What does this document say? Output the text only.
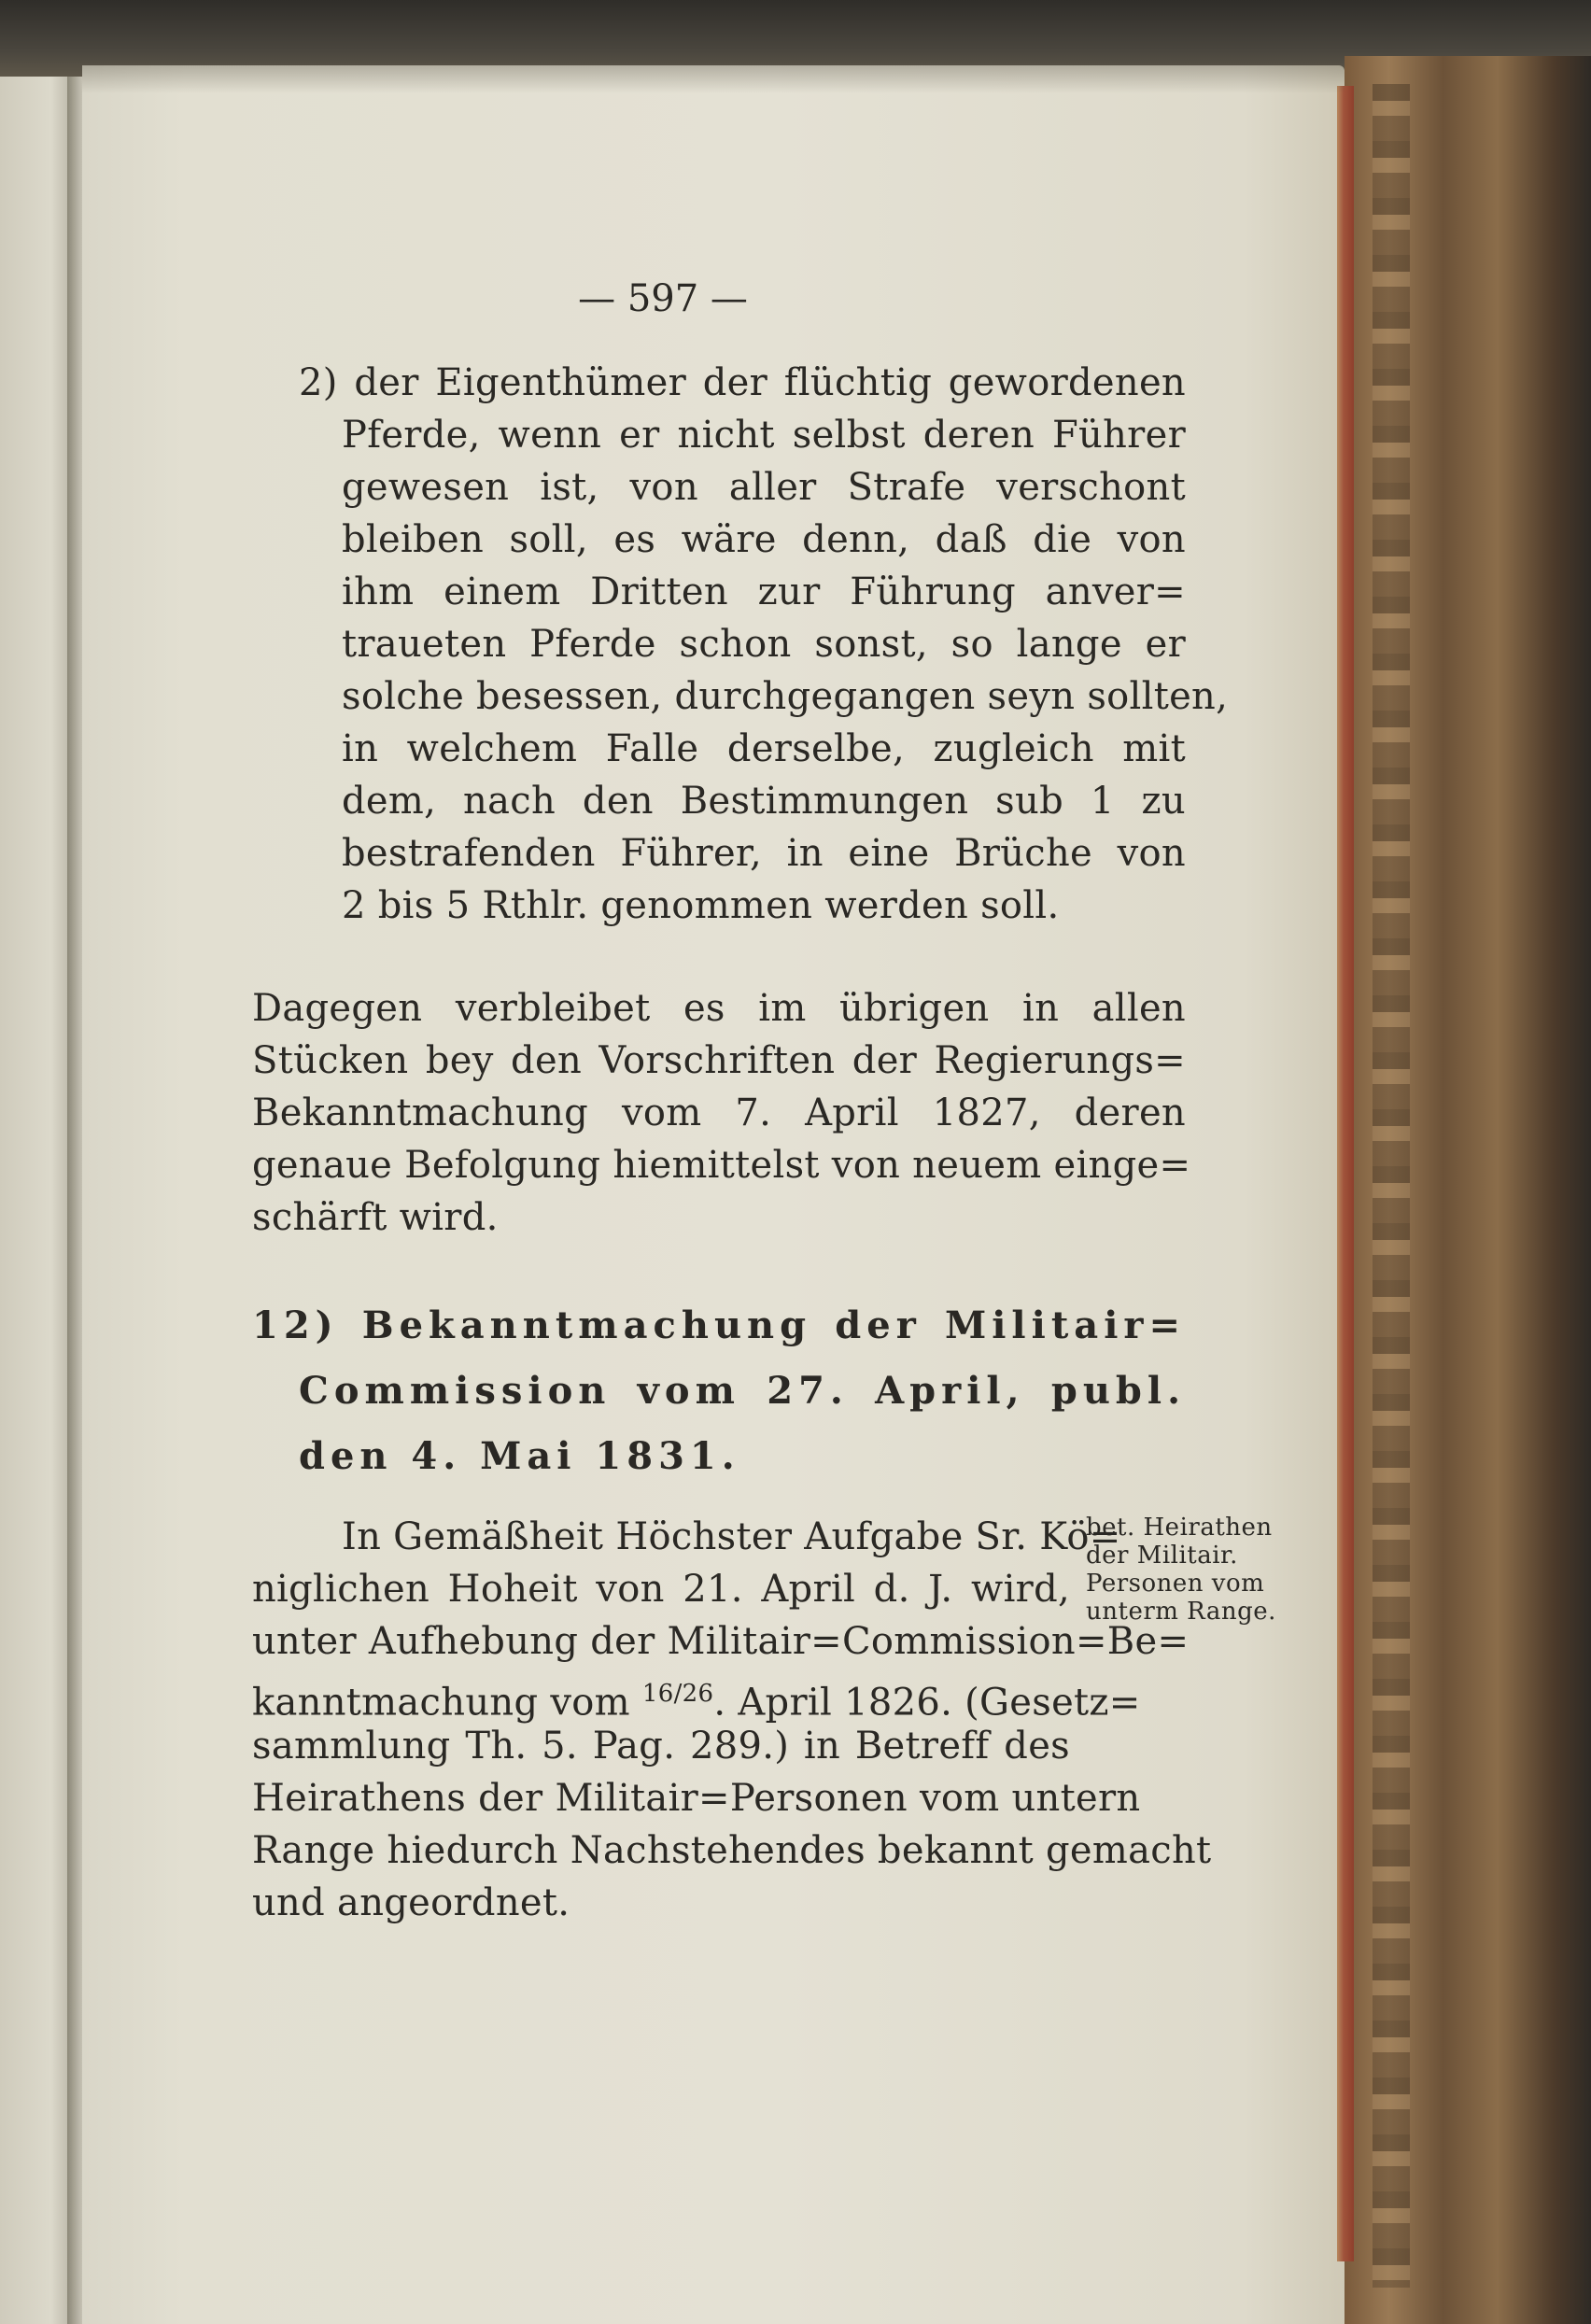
— 597 —
2) der Eigenthümer der flüchtig gewordenen
Pferde, wenn er nicht selbst deren Führer
gewesen ist, von aller Strafe verschont
bleiben soll, es wäre denn, daß die von
ihm einem Dritten zur Führung anver=
traueten Pferde schon sonst, so lange er
solche besessen, durchgegangen seyn sollten,
in welchem Falle derselbe, zugleich mit
dem, nach den Bestimmungen sub 1 zu
bestrafenden Führer, in eine Brüche von
2 bis 5 Rthlr. genommen werden soll.
Dagegen verbleibet es im übrigen in allen
Stücken bey den Vorschriften der Regierungs=
Bekanntmachung vom 7. April 1827, deren
genaue Befolgung hiemittelst von neuem einge=
schärft wird.
12) Bekanntmachung der Militair=
Commission vom 27. April, publ.
den 4. Mai 1831.
In Gemäßheit Höchster Aufgabe Sr. Kö=
niglichen Hoheit von 21. April d. J. wird,
unter Aufhebung der Militair=Commission=Be=
kanntmachung vom $^{16/26}$. April 1826. (Gesetz=
sammlung Th. 5. Pag. 289.) in Betreff des
Heirathens der Militair=Personen vom untern
Range hiedurch Nachstehendes bekannt gemacht
und angeordnet.
bet. Heirathen
der Militair.
Personen vom
unterm Range.
